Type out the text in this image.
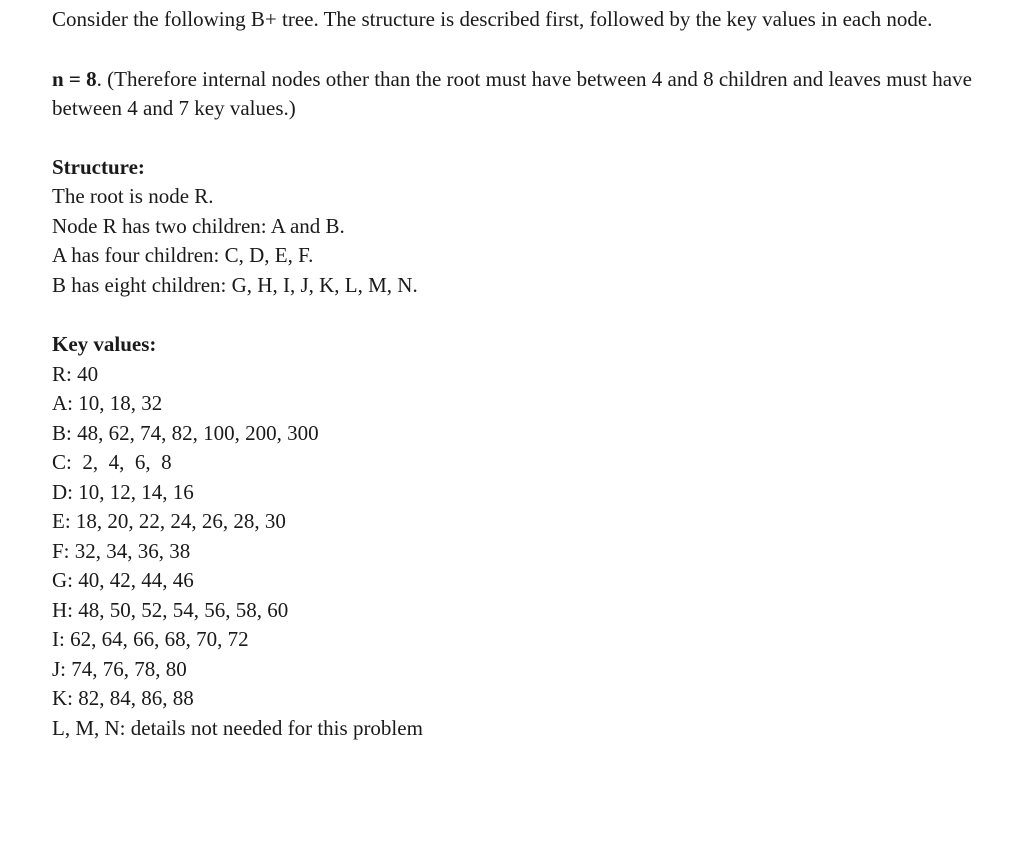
Consider the following B+ tree. The structure is described first, followed by the key values in each node.
n = 8. (Therefore internal nodes other than the root must have between 4 and 8 children and leaves must have between 4 and 7 key values.)
Structure:
The root is node R.
Node R has two children: A and B.
A has four children: C, D, E, F.
B has eight children: G, H, I, J, K, L, M, N.
Key values:
R: 40
A: 10, 18, 32
B: 48, 62, 74, 82, 100, 200, 300
C:  2,  4,  6,  8
D: 10, 12, 14, 16
E: 18, 20, 22, 24, 26, 28, 30
F: 32, 34, 36, 38
G: 40, 42, 44, 46
H: 48, 50, 52, 54, 56, 58, 60
I: 62, 64, 66, 68, 70, 72
J: 74, 76, 78, 80
K: 82, 84, 86, 88
L, M, N: details not needed for this problem
